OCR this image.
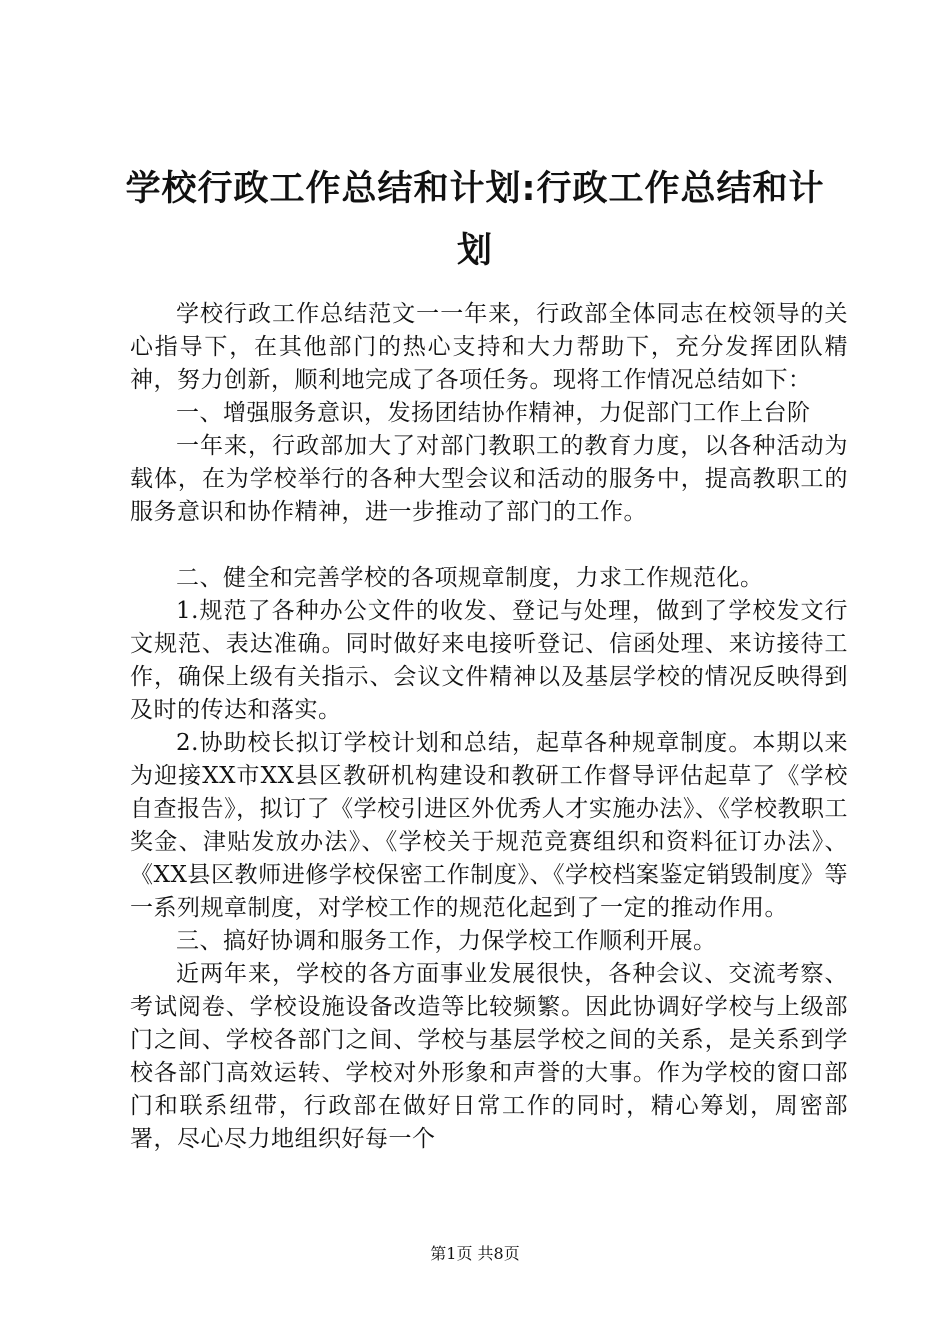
学校行政工作总结和计划:行政工作总结和计划

学校行政工作总结范文一一年来，行政部全体同志在校领导的关心指导下，在其他部门的热心支持和大力帮助下，充分发挥团队精神，努力创新，顺利地完成了各项任务。现将工作情况总结如下：

一、增强服务意识，发扬团结协作精神，力促部门工作上台阶

一年来，行政部加大了对部门教职工的教育力度，以各种活动为载体，在为学校举行的各种大型会议和活动的服务中，提高教职工的服务意识和协作精神，进一步推动了部门的工作。

二、健全和完善学校的各项规章制度，力求工作规范化。

1.规范了各种办公文件的收发、登记与处理，做到了学校发文行文规范、表达准确。同时做好来电接听登记、信函处理、来访接待工作，确保上级有关指示、会议文件精神以及基层学校的情况反映得到及时的传达和落实。

2.协助校长拟订学校计划和总结，起草各种规章制度。本期以来为迎接XX市XX县区教研机构建设和教研工作督导评估起草了《学校自查报告》，拟订了《学校引进区外优秀人才实施办法》、《学校教职工奖金、津贴发放办法》、《学校关于规范竞赛组织和资料征订办法》、《XX县区教师进修学校保密工作制度》、《学校档案鉴定销毁制度》等一系列规章制度，对学校工作的规范化起到了一定的推动作用。

三、搞好协调和服务工作，力保学校工作顺利开展。

近两年来，学校的各方面事业发展很快，各种会议、交流考察、考试阅卷、学校设施设备改造等比较频繁。因此协调好学校与上级部门之间、学校各部门之间、学校与基层学校之间的关系，是关系到学校各部门高效运转、学校对外形象和声誉的大事。作为学校的窗口部门和联系纽带，行政部在做好日常工作的同时，精心筹划，周密部署，尽心尽力地组织好每一个

第1页 共8页
